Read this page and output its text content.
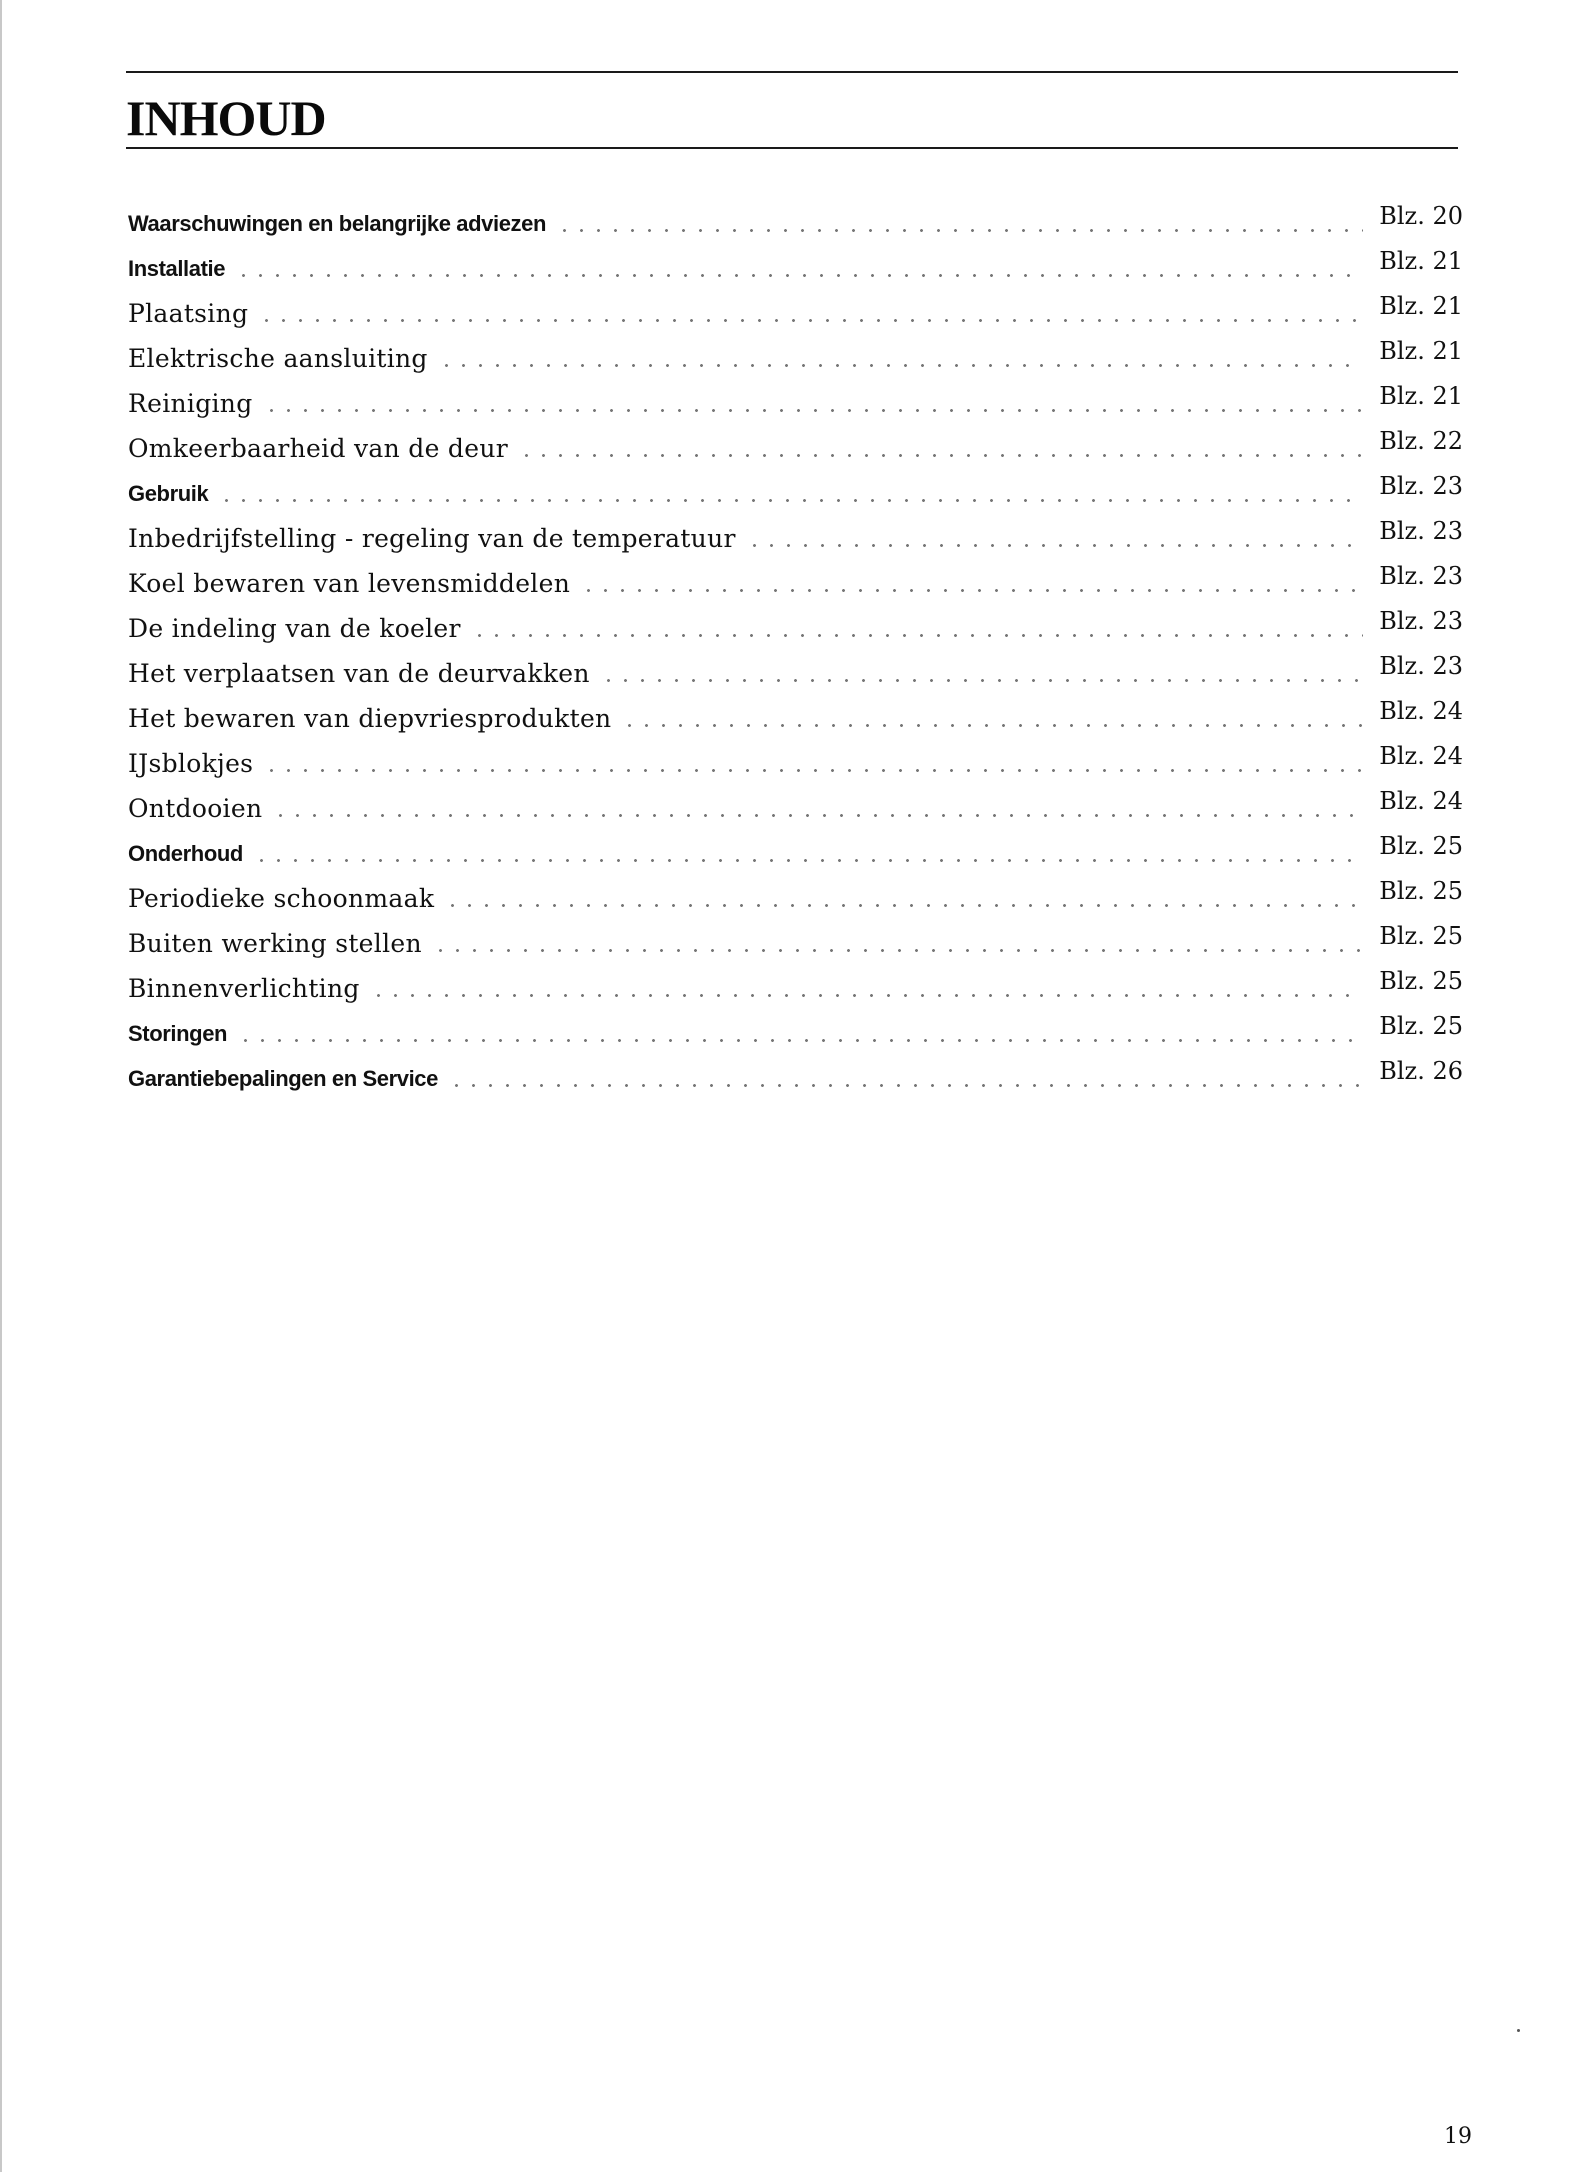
INHOUD
Waarschuwingen en belangrijke adviezen	Blz. 20
Installatie	Blz. 21
Plaatsing	Blz. 21
Elektrische aansluiting	Blz. 21
Reiniging	Blz. 21
Omkeerbaarheid van de deur	Blz. 22
Gebruik	Blz. 23
Inbedrijfstelling - regeling van de temperatuur	Blz. 23
Koel bewaren van levensmiddelen	Blz. 23
De indeling van de koeler	Blz. 23
Het verplaatsen van de deurvakken	Blz. 23
Het bewaren van diepvriesprodukten	Blz. 24
IJsblokjes	Blz. 24
Ontdooien	Blz. 24
Onderhoud	Blz. 25
Periodieke schoonmaak	Blz. 25
Buiten werking stellen	Blz. 25
Binnenverlichting	Blz. 25
Storingen	Blz. 25
Garantiebepalingen en Service	Blz. 26
19
